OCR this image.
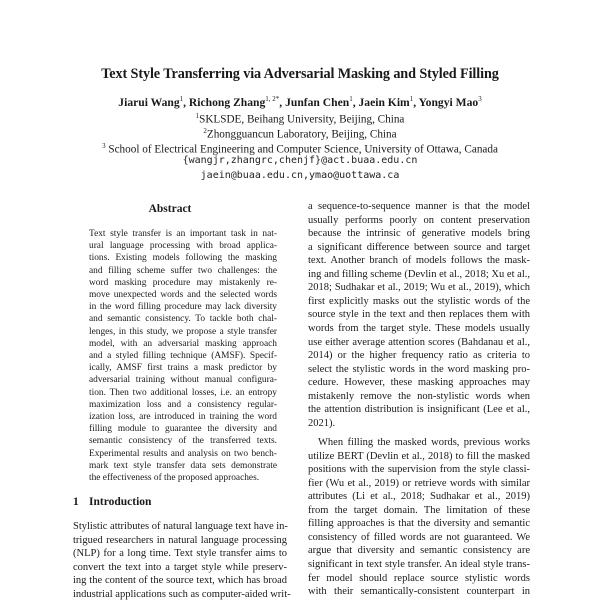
Text Style Transferring via Adversarial Masking and Styled Filling
Jiarui Wang$^1$, Richong Zhang$^{1, 2*}$, Junfan Chen$^1$, Jaein Kim$^1$, Yongyi Mao$^3$
$^1$SKLSDE, Beihang University, Beijing, China
$^2$Zhongguancun Laboratory, Beijing, China
$^3$ School of Electrical Engineering and Computer Science, University of Ottawa, Canada
{wangjr,zhangrc,chenjf}@act.buaa.edu.cn
jaein@buaa.edu.cn,ymao@uottawa.ca
Abstract
Text style transfer is an important task in nat-
ural language processing with broad applica-
tions. Existing models following the masking
and filling scheme suffer two challenges: the
word masking procedure may mistakenly re-
move unexpected words and the selected words
in the word filling procedure may lack diversity
and semantic consistency. To tackle both chal-
lenges, in this study, we propose a style transfer
model, with an adversarial masking approach
and a styled filling technique (AMSF). Specif-
ically, AMSF first trains a mask predictor by
adversarial training without manual configura-
tion. Then two additional losses, i.e. an entropy
maximization loss and a consistency regular-
ization loss, are introduced in training the word
filling module to guarantee the diversity and
semantic consistency of the transferred texts.
Experimental results and analysis on two bench-
mark text style transfer data sets demonstrate
the effectiveness of the proposed approaches.
1 Introduction
Stylistic attributes of natural language text have in-
trigued researchers in natural language processing
(NLP) for a long time. Text style transfer aims to
convert the text into a target style while preserv-
ing the content of the source text, which has broad
industrial applications such as computer-aided writ-
a sequence-to-sequence manner is that the model
usually performs poorly on content preservation
because the intrinsic of generative models bring
a significant difference between source and target
text. Another branch of models follows the mask-
ing and filling scheme (Devlin et al., 2018; Xu et al.,
2018; Sudhakar et al., 2019; Wu et al., 2019), which
first explicitly masks out the stylistic words of the
source style in the text and then replaces them with
words from the target style. These models usually
use either average attention scores (Bahdanau et al.,
2014) or the higher frequency ratio as criteria to
select the stylistic words in the word masking pro-
cedure. However, these masking approaches may
mistakenly remove the non-stylistic words when
the attention distribution is insignificant (Lee et al.,
2021).
When filling the masked words, previous works
utilize BERT (Devlin et al., 2018) to fill the masked
positions with the supervision from the style classi-
fier (Wu et al., 2019) or retrieve words with similar
attributes (Li et al., 2018; Sudhakar et al., 2019)
from the target domain. The limitation of these
filling approaches is that the diversity and semantic
consistency of filled words are not guaranteed. We
argue that diversity and semantic consistency are
significant in text style transfer. An ideal style trans-
fer model should replace source stylistic words
with their semantically-consistent counterpart in
